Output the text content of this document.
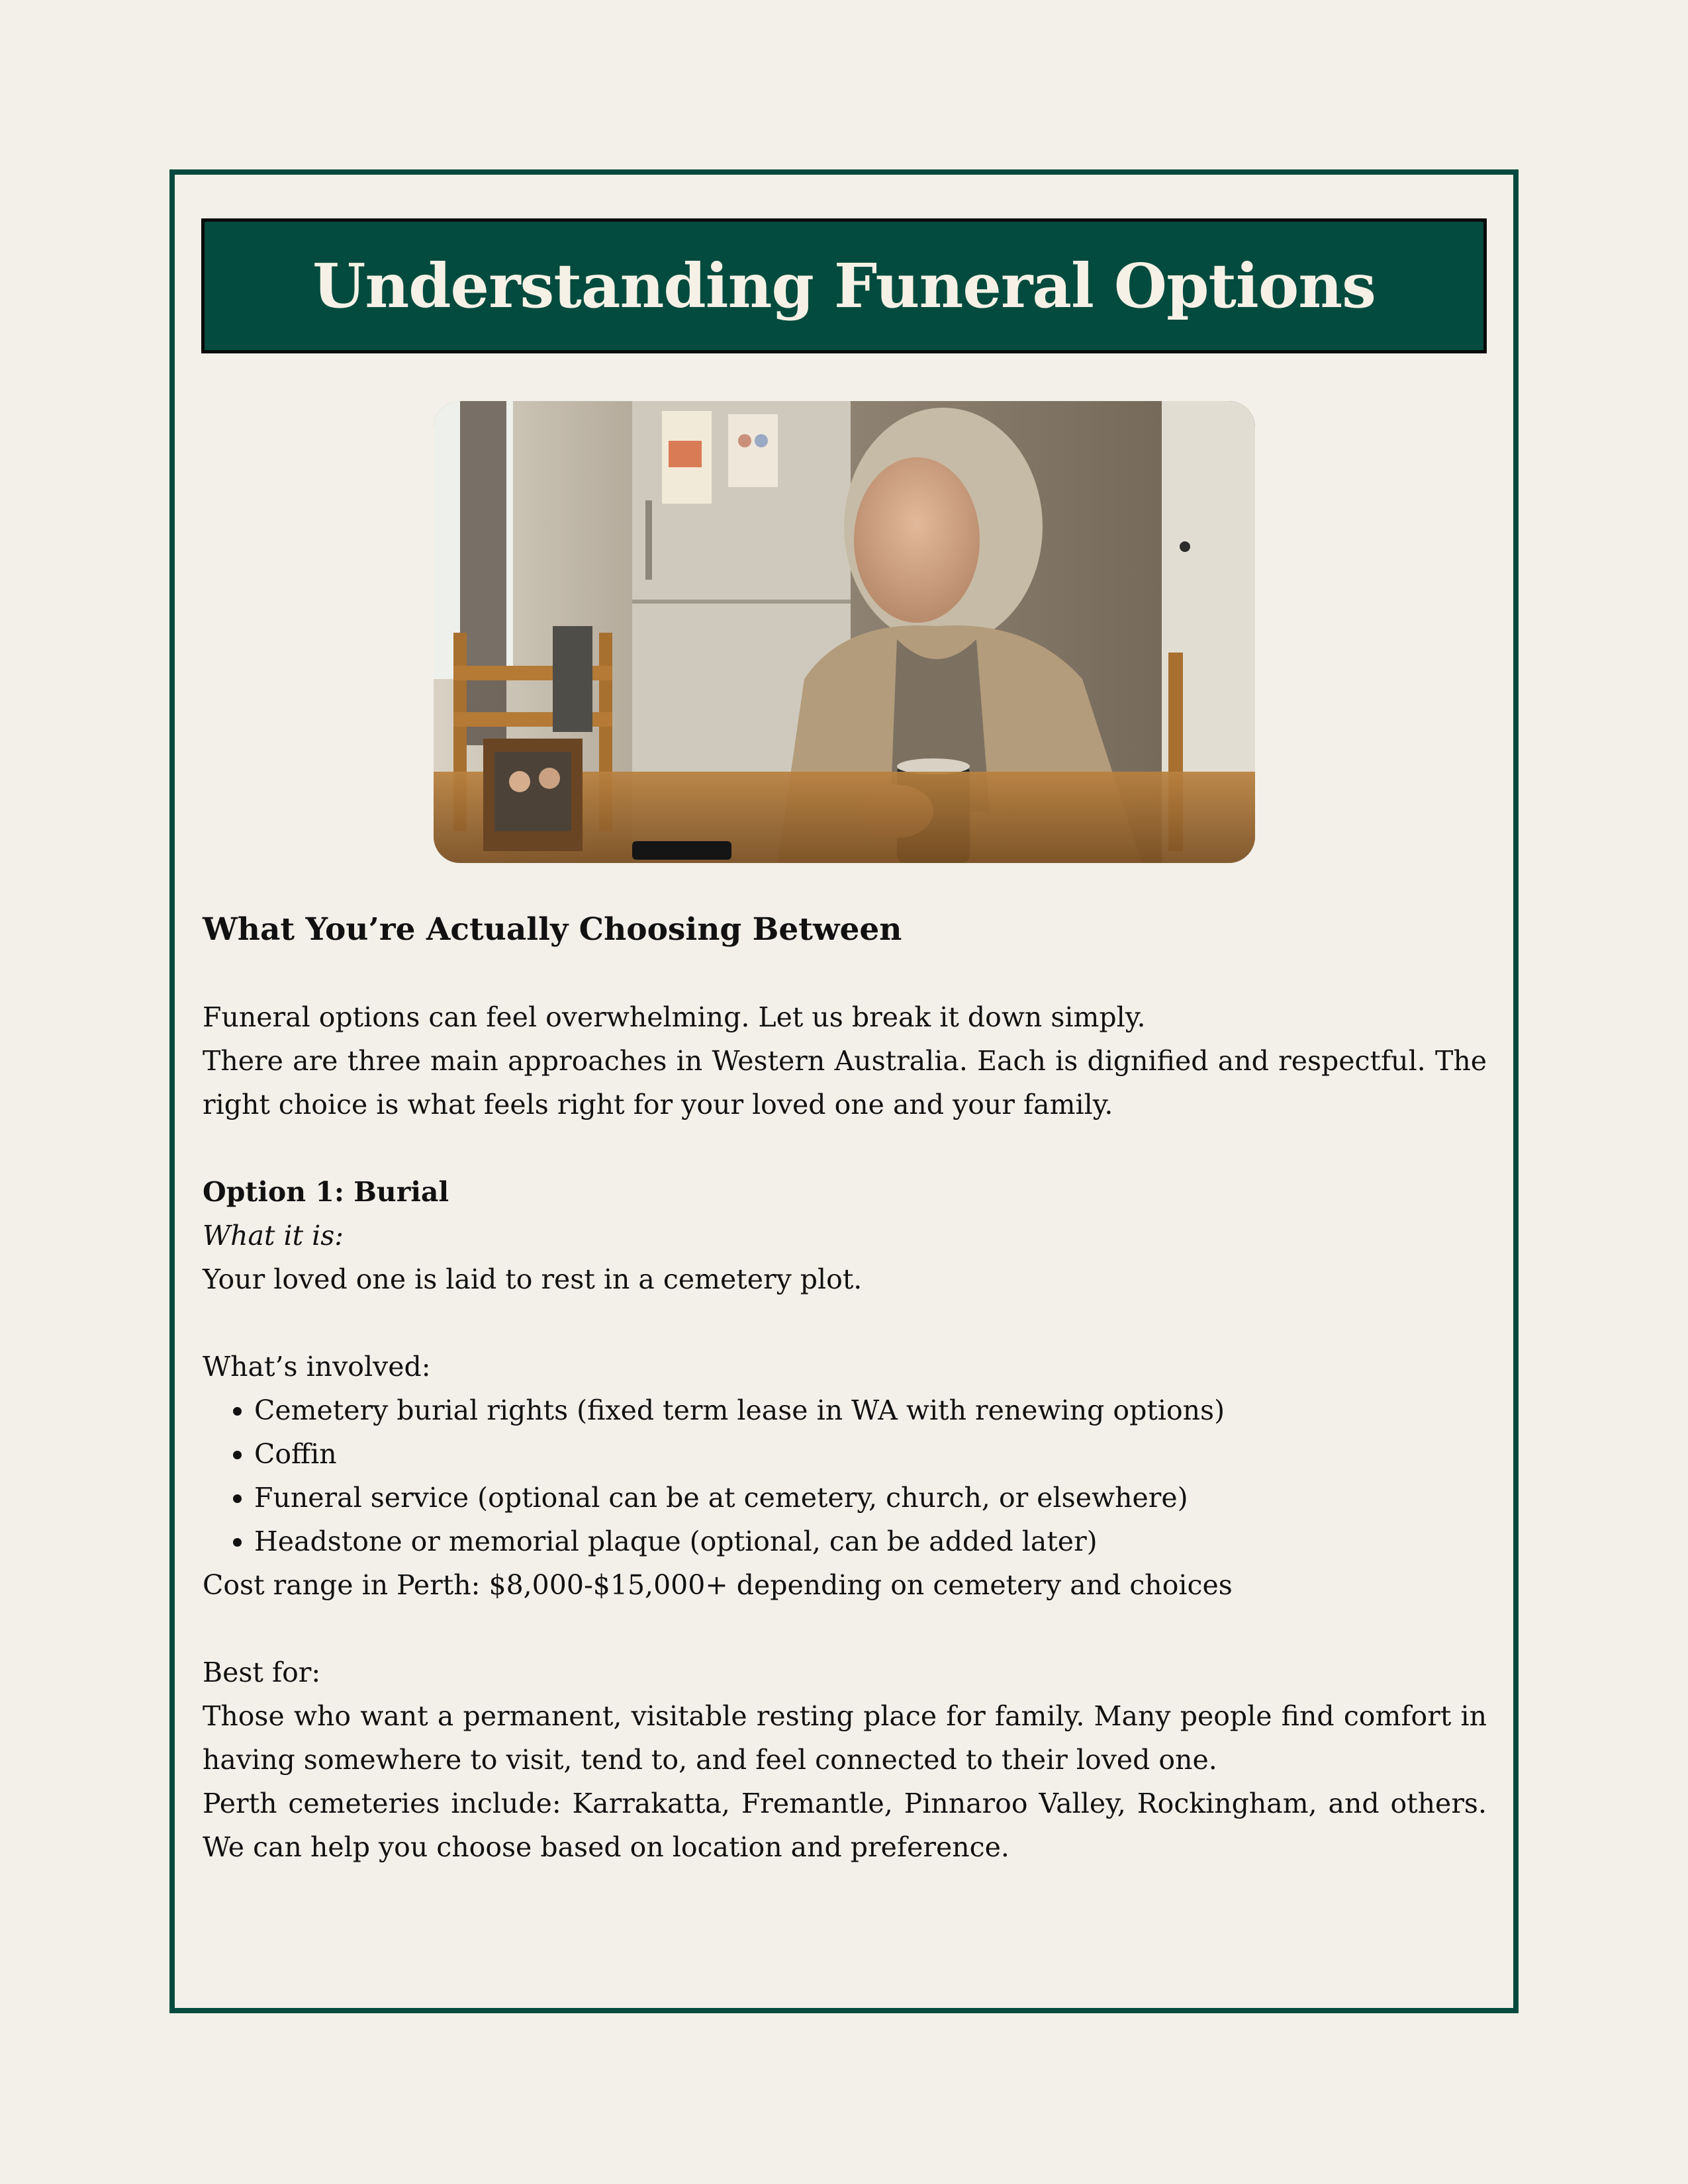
Understanding Funeral Options
What You’re Actually Choosing Between

Funeral options can feel overwhelming. Let us break it down simply.

There are three main approaches in Western Australia. Each is dignified and respectful. The right choice is what feels right for your loved one and your family.

Option 1: Burial

What it is:

Your loved one is laid to rest in a cemetery plot.

What’s involved:

• Cemetery burial rights (fixed term lease in WA with renewing options)
• Coffin
• Funeral service (optional can be at cemetery, church, or elsewhere)
• Headstone or memorial plaque (optional, can be added later)

Cost range in Perth: $8,000-$15,000+ depending on cemetery and choices

Best for:

Those who want a permanent, visitable resting place for family. Many people find comfort in having somewhere to visit, tend to, and feel connected to their loved one.

Perth cemeteries include: Karrakatta, Fremantle, Pinnaroo Valley, Rockingham, and others. We can help you choose based on location and preference.
